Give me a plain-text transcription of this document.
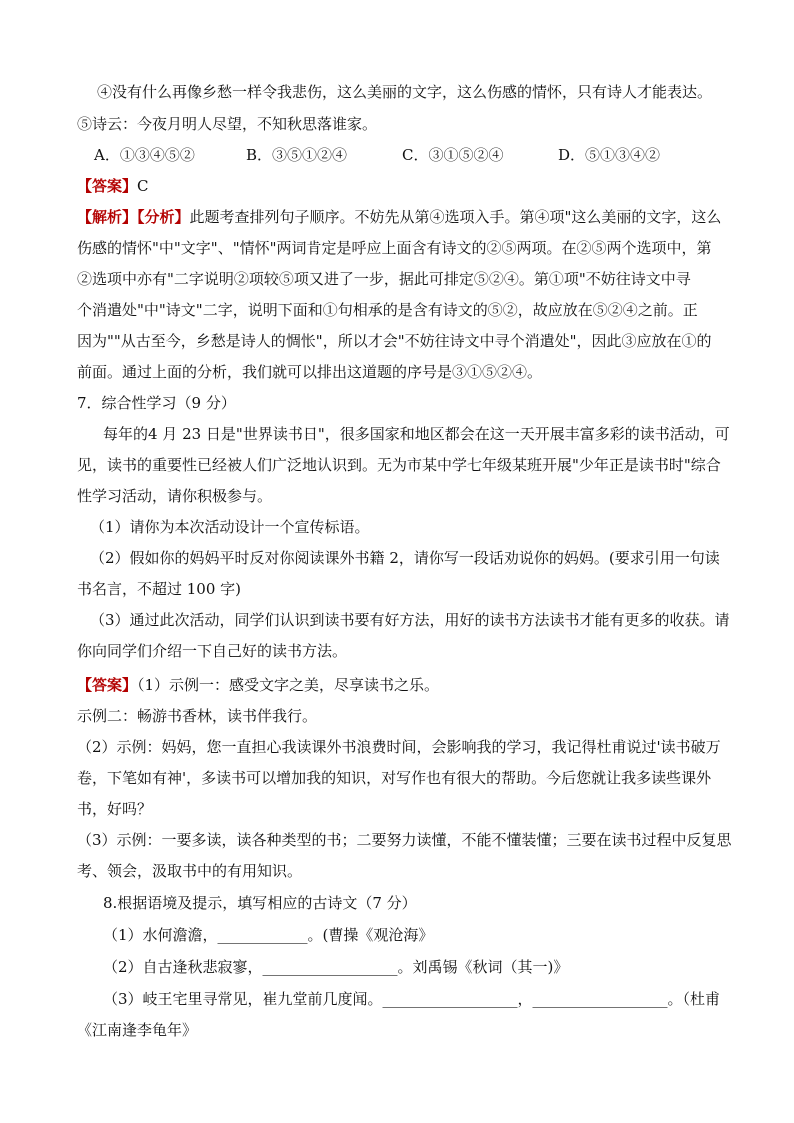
④没有什么再像乡愁一样令我悲伤，这么美丽的文字，这么伤感的情怀，只有诗人才能表达。
⑤诗云：今夜月明人尽望，不知秋思落谁家。
A．①③④⑤②	B．③⑤①②④	C．③①⑤②④	D．⑤①③④②
【答案】C
【解析】【分析】此题考查排列句子顺序。不妨先从第④选项入手。第④项"这么美丽的文字，这么
伤感的情怀"中"文字"、"情怀"两词肯定是呼应上面含有诗文的②⑤两项。在②⑤两个选项中，第
②选项中亦有"二字说明②项较⑤项又进了一步，据此可排定⑤②④。第①项"不妨往诗文中寻
个消遣处"中"诗文"二字，说明下面和①句相承的是含有诗文的⑤②，故应放在⑤②④之前。正
因为""从古至今，乡愁是诗人的惆怅"，所以才会"不妨往诗文中寻个消遣处"，因此③应放在①的
前面。通过上面的分析，我们就可以排出这道题的序号是③①⑤②④。
7．综合性学习（9 分）
每年的4 月 23 日是"世界读书日"，很多国家和地区都会在这一天开展丰富多彩的读书活动，可
见，读书的重要性已经被人们广泛地认识到。无为市某中学七年级某班开展"少年正是读书时"综合
性学习活动，请你积极参与。
（1）请你为本次活动设计一个宣传标语。
（2）假如你的妈妈平时反对你阅读课外书籍 2，请你写一段话劝说你的妈妈。(要求引用一句读
书名言，不超过 100 字)
（3）通过此次活动，同学们认识到读书要有好方法，用好的读书方法读书才能有更多的收获。请
你向同学们介绍一下自己好的读书方法。
【答案】（1）示例一：感受文字之美，尽享读书之乐。
示例二：畅游书香林，读书伴我行。
（2）示例：妈妈，您一直担心我读课外书浪费时间，会影响我的学习，我记得杜甫说过'读书破万
卷，下笔如有神'，多读书可以增加我的知识，对写作也有很大的帮助。今后您就让我多读些课外
书，好吗？
（3）示例：一要多读，读各种类型的书；二要努力读懂，不能不懂装懂；三要在读书过程中反复思
考、领会，汲取书中的有用知识。
8.根据语境及提示，填写相应的古诗文（7 分）
（1）水何澹澹，____________。(曹操《观沧海》
（2）自古逢秋悲寂寥，__________________。刘禹锡《秋词（其一)》
（3）岐王宅里寻常见，崔九堂前几度闻。__________________，__________________。（杜甫
《江南逢李龟年》
